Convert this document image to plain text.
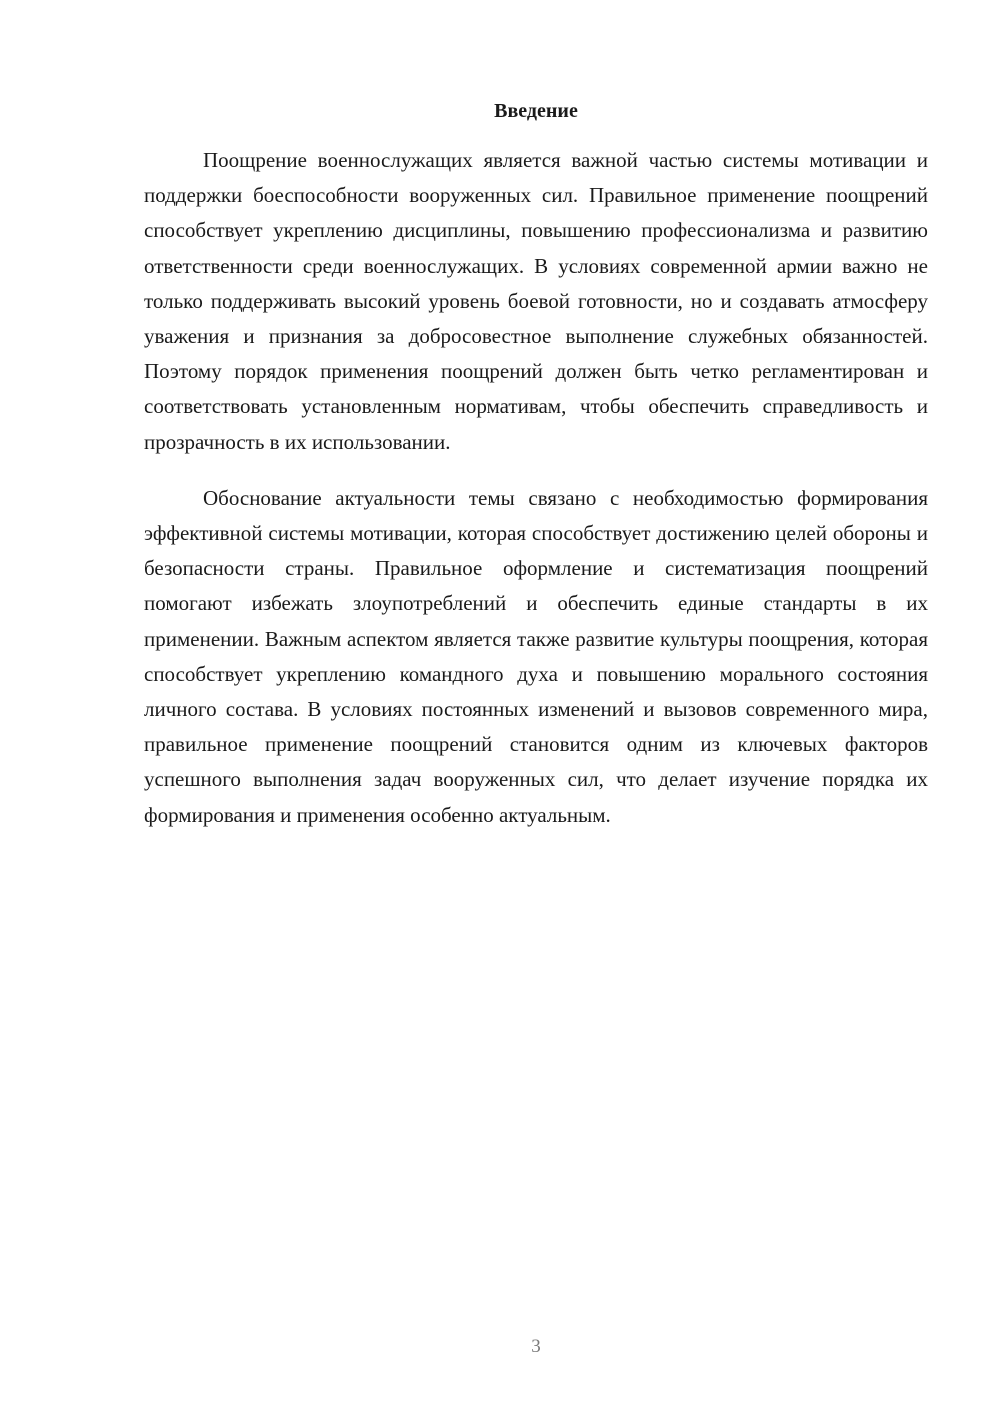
Введение

Поощрение военнослужащих является важной частью системы мотивации и поддержки боеспособности вооруженных сил. Правильное применение поощрений способствует укреплению дисциплины, повышению профессионализма и развитию ответственности среди военнослужащих. В условиях современной армии важно не только поддерживать высокий уровень боевой готовности, но и создавать атмосферу уважения и признания за добросовестное выполнение служебных обязанностей. Поэтому порядок применения поощрений должен быть четко регламентирован и соответствовать установленным нормативам, чтобы обеспечить справедливость и прозрачность в их использовании.

Обоснование актуальности темы связано с необходимостью формирования эффективной системы мотивации, которая способствует достижению целей обороны и безопасности страны. Правильное оформление и систематизация поощрений помогают избежать злоупотреблений и обеспечить единые стандарты в их применении. Важным аспектом является также развитие культуры поощрения, которая способствует укреплению командного духа и повышению морального состояния личного состава. В условиях постоянных изменений и вызовов современного мира, правильное применение поощрений становится одним из ключевых факторов успешного выполнения задач вооруженных сил, что делает изучение порядка их формирования и применения особенно актуальным.

3
